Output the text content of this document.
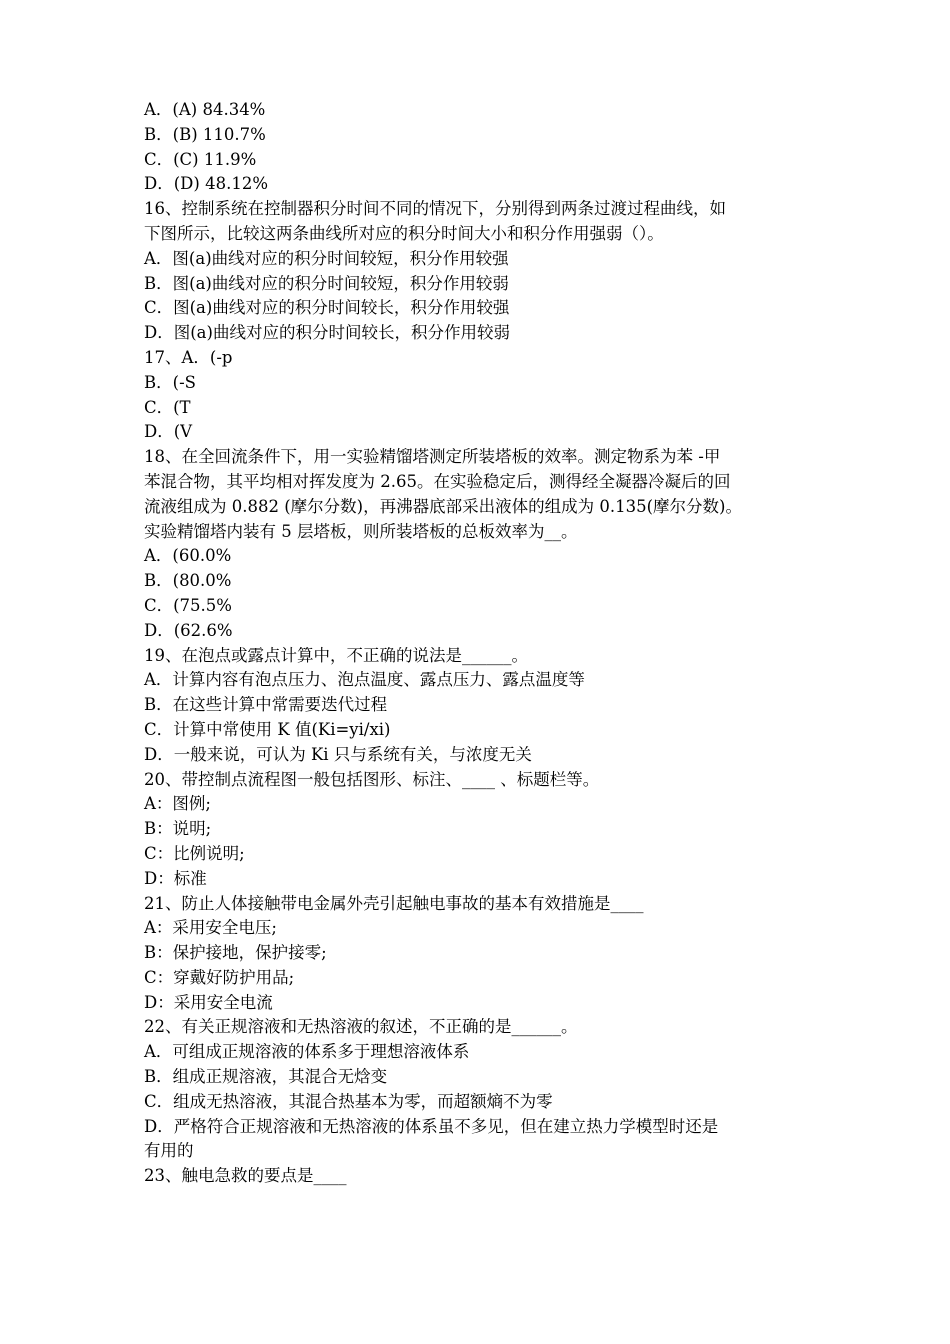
A．(A) 84.34%
B．(B) 110.7%
C．(C) 11.9%
D．(D) 48.12%
16、控制系统在控制器积分时间不同的情况下，分别得到两条过渡过程曲线，如
下图所示，比较这两条曲线所对应的积分时间大小和积分作用强弱（）。
A．图(a)曲线对应的积分时间较短，积分作用较强
B．图(a)曲线对应的积分时间较短，积分作用较弱
C．图(a)曲线对应的积分时间较长，积分作用较强
D．图(a)曲线对应的积分时间较长，积分作用较弱
17、A．(-p
B．(-S
C．(T
D．(V
18、在全回流条件下，用一实验精馏塔测定所装塔板的效率。测定物系为苯 -甲
苯混合物，其平均相对挥发度为 2.65。在实验稳定后，测得经全凝器冷凝后的回
流液组成为 0.882 (摩尔分数)，再沸器底部采出液体的组成为 0.135(摩尔分数)。
实验精馏塔内装有 5 层塔板，则所装塔板的总板效率为__。
A．(60.0%
B．(80.0%
C．(75.5%
D．(62.6%
19、在泡点或露点计算中，不正确的说法是______。
A．计算内容有泡点压力、泡点温度、露点压力、露点温度等
B．在这些计算中常需要迭代过程
C．计算中常使用 K 值(Ki=yi/xi)
D．一般来说，可认为 Ki 只与系统有关，与浓度无关
20、带控制点流程图一般包括图形、标注、____ 、标题栏等。
A：图例;
B：说明;
C：比例说明;
D：标准
21、防止人体接触带电金属外壳引起触电事故的基本有效措施是____
A：采用安全电压;
B：保护接地，保护接零;
C：穿戴好防护用品;
D：采用安全电流
22、有关正规溶液和无热溶液的叙述，不正确的是______。
A．可组成正规溶液的体系多于理想溶液体系
B．组成正规溶液，其混合无焓变
C．组成无热溶液，其混合热基本为零，而超额熵不为零
D．严格符合正规溶液和无热溶液的体系虽不多见，但在建立热力学模型时还是
有用的
23、触电急救的要点是____
